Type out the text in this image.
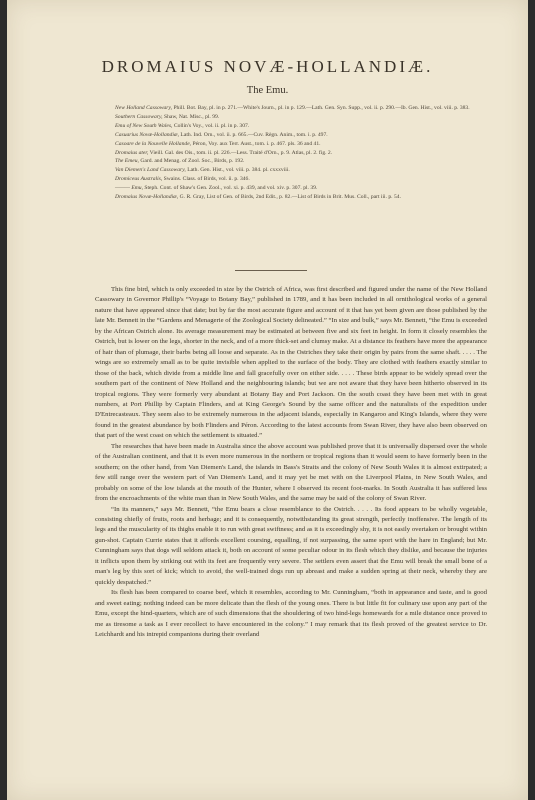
DROMAIUS NOVÆ-HOLLANDIÆ.
The Emu.
New Holland Cassowary, Phill. Bot. Bay, pl. in p. 271.—White's Journ., pl. in p. 129.—Lath. Gen. Syn. Supp., vol. ii. p. 290.—Ib. Gen. Hist., vol. viii. p. 383.
Southern Cassowary, Shaw, Nat. Misc., pl. 99.
Emu of New South Wales, Collin's Voy., vol. ii. pl. in p. 307.
Casuarius Novæ-Hollandiæ, Lath. Ind. Orn., vol. ii. p. 665.—Cuv. Règn. Anim., tom. i. p. 497.
Casoare de la Nouvelle Hollande, Péron, Voy. aux Terr. Aust., tom. i. p. 467. pls. 36 and 41.
Dromaius ater, Vieill. Gal. des Ois., tom. ii. pl. 226.—Less. Traité d'Orn., p. 9. Atlas, pl. 2. fig. 2.
The Emeu, Gard. and Menag. of Zool. Soc., Birds, p. 192.
Van Diemen's Land Cassowary, Lath. Gen. Hist., vol. viii. p. 384. pl. cxxxviii.
Dromiceus Australis, Swains. Class. of Birds, vol. ii. p. 346.
——— Emu, Steph. Cont. of Shaw's Gen. Zool., vol. xi. p. 439, and vol. xiv. p. 307. pl. 39.
Dromaius Novæ-Hollandiæ, G. R. Gray, List of Gen. of Birds, 2nd Edit., p. 82.—List of Birds in Brit. Mus. Coll., part iii. p. 54.

This fine bird, which is only exceeded in size by the Ostrich of Africa, was first described and figured under the name of the New Holland Cassowary in Governor Phillip's “Voyage to Botany Bay,” published in 1789, and it has been included in all ornithological works of a general nature that have appeared since that date; but by far the most accurate figure and account of it that has yet been given are those published by the late Mr. Bennett in the “Gardens and Menagerie of the Zoological Society delineated.” “In size and bulk,” says Mr. Bennett, “the Emu is exceeded by the African Ostrich alone. Its average measurement may be estimated at between five and six feet in height. In form it closely resembles the Ostrich, but is lower on the legs, shorter in the neck, and of a more thick-set and clumsy make. At a distance its feathers have more the appearance of hair than of plumage, their barbs being all loose and separate. As in the Ostriches they take their origin by pairs from the same shaft. . . . . The wings are so extremely small as to be quite invisible when applied to the surface of the body. They are clothed with feathers exactly similar to those of the back, which divide from a middle line and fall gracefully over on either side. . . . . These birds appear to be widely spread over the southern part of the continent of New Holland and the neighbouring islands; but we are not aware that they have been hitherto observed in its tropical regions. They were formerly very abundant at Botany Bay and Port Jackson. On the south coast they have been met with in great numbers, at Port Phillip by Captain Flinders, and at King George's Sound by the same officer and the naturalists of the expedition under D'Entrecasteaux. They seem also to be extremely numerous in the adjacent islands, especially in Kangaroo and King's Islands, where they were found in the greatest abundance by both Flinders and Péron. According to the latest accounts from Swan River, they have also been observed on that part of the west coast on which the settlement is situated.”

The researches that have been made in Australia since the above account was published prove that it is universally dispersed over the whole of the Australian continent, and that it is even more numerous in the northern or tropical regions than it would seem to have formerly been in the southern; on the other hand, from Van Diemen's Land, the islands in Bass's Straits and the colony of New South Wales it is almost extirpated; a few still range over the western part of Van Diemen's Land, and it may yet be met with on the Liverpool Plains, in New South Wales, and probably on some of the low islands at the mouth of the Hunter, where I observed its recent foot-marks. In South Australia it has suffered less from the encroachments of the white man than in New South Wales, and the same may be said of the colony of Swan River.

“In its manners,” says Mr. Bennett, “the Emu bears a close resemblance to the Ostrich. . . . . Its food appears to be wholly vegetable, consisting chiefly of fruits, roots and herbage; and it is consequently, notwithstanding its great strength, perfectly inoffensive. The length of its legs and the muscularity of its thighs enable it to run with great swiftness; and as it is exceedingly shy, it is not easily overtaken or brought within gun-shot. Captain Currie states that it affords excellent coursing, equalling, if not surpassing, the same sport with the hare in England; but Mr. Cunningham says that dogs will seldom attack it, both on account of some peculiar odour in its flesh which they dislike, and because the injuries it inflicts upon them by striking out with its feet are frequently very severe. The settlers even assert that the Emu will break the small bone of a man's leg by this sort of kick; which to avoid, the well-trained dogs run up abreast and make a sudden spring at their neck, whereby they are quickly despatched.”

Its flesh has been compared to coarse beef, which it resembles, according to Mr. Cunningham, “both in appearance and taste, and is good and sweet eating; nothing indeed can be more delicate than the flesh of the young ones. There is but little fit for culinary use upon any part of the Emu, except the hind-quarters, which are of such dimensions that the shouldering of two hind-legs homewards for a mile distance once proved to me as tiresome a task as I ever recollect to have encountered in the colony.” I may remark that its flesh proved of the greatest service to Dr. Leichhardt and his intrepid companions during their overland
